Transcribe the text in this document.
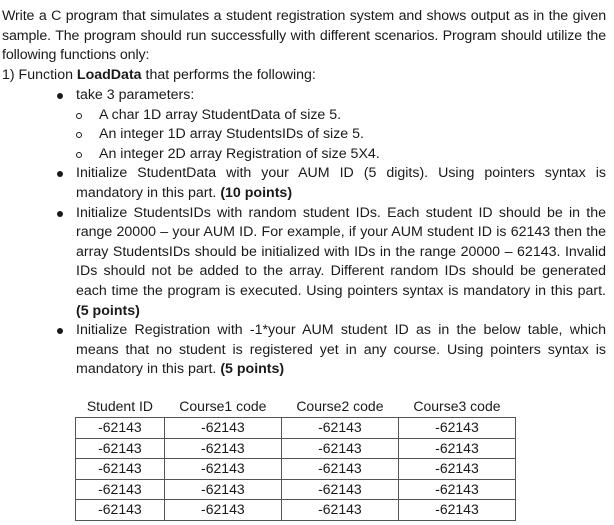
Write a C program that simulates a student registration system and shows output as in the given sample. The program should run successfully with different scenarios. Program should utilize the following functions only:
1) Function LoadData that performs the following:
take 3 parameters:
A char 1D array StudentData of size 5.
An integer 1D array StudentsIDs of size 5.
An integer 2D array Registration of size 5X4.
Initialize StudentData with your AUM ID (5 digits). Using pointers syntax is mandatory in this part. (10 points)
Initialize StudentsIDs with random student IDs. Each student ID should be in the range 20000 – your AUM ID. For example, if your AUM student ID is 62143 then the array StudentsIDs should be initialized with IDs in the range 20000 – 62143. Invalid IDs should not be added to the array. Different random IDs should be generated each time the program is executed. Using pointers syntax is mandatory in this part. (5 points)
Initialize Registration with -1*your AUM student ID as in the below table, which means that no student is registered yet in any course. Using pointers syntax is mandatory in this part. (5 points)
Student ID	Course1 code	Course2 code	Course3 code
-62143	-62143	-62143	-62143
-62143	-62143	-62143	-62143
-62143	-62143	-62143	-62143
-62143	-62143	-62143	-62143
-62143	-62143	-62143	-62143
